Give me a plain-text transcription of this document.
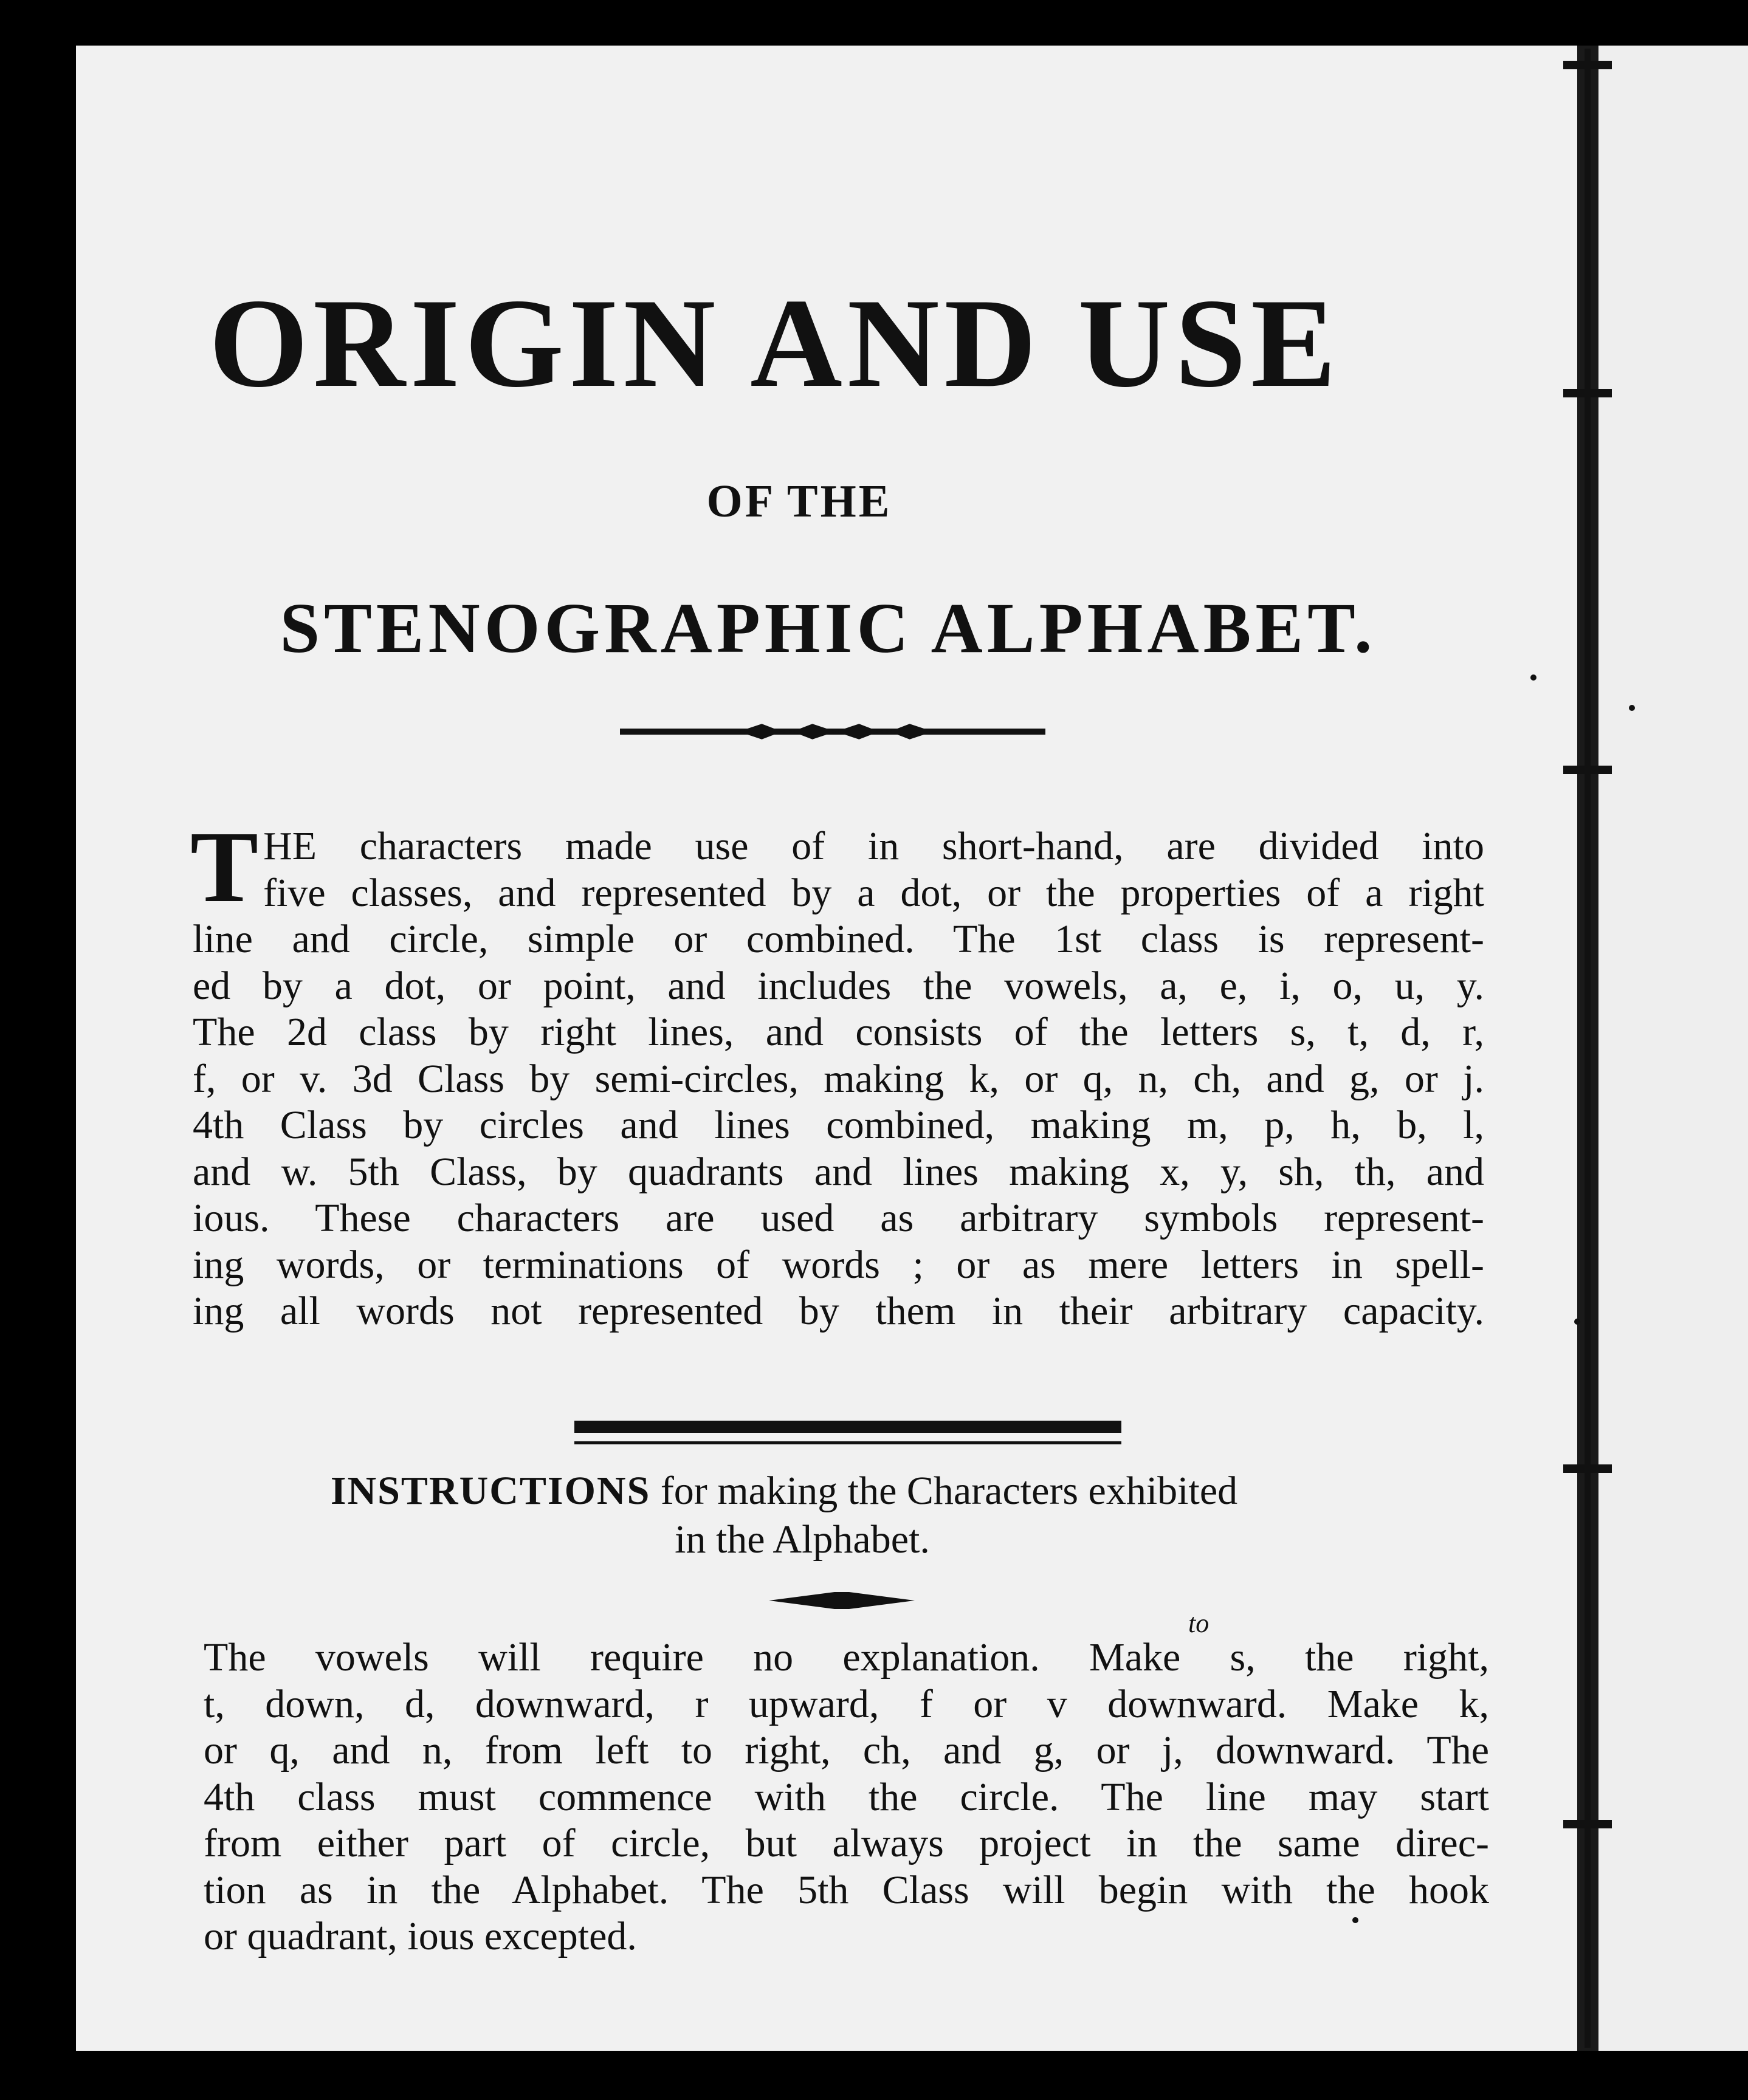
ORIGIN AND USE
OF THE
STENOGRAPHIC ALPHABET.
T HE characters made use of in short-hand, are divided into
five classes, and represented by a dot, or the properties of a right
line and circle, simple or combined. The 1st class is represent-
ed by a dot, or point, and includes the vowels, a, e, i, o, u, y.
The 2d class by right lines, and consists of the letters s, t, d, r,
f, or v. 3d Class by semi-circles, making k, or q, n, ch, and g, or j.
4th Class by circles and lines combined, making m, p, h, b, l,
and w. 5th Class, by quadrants and lines making x, y, sh, th, and
ious. These characters are used as arbitrary symbols represent-
ing words, or terminations of words ; or as mere letters in spell-
ing all words not represented by them in their arbitrary capacity.
INSTRUCTIONS for making the Characters exhibited
in the Alphabet.
The vowels will require no explanation. Make s, the right,
t, down, d, downward, r upward, f or v downward. Make k,
or q, and n, from left to right, ch, and g, or j, downward. The
4th class must commence with the circle. The line may start
from either part of circle, but always project in the same direc-
tion as in the Alphabet. The 5th Class will begin with the hook
or quadrant, ious excepted.
to
